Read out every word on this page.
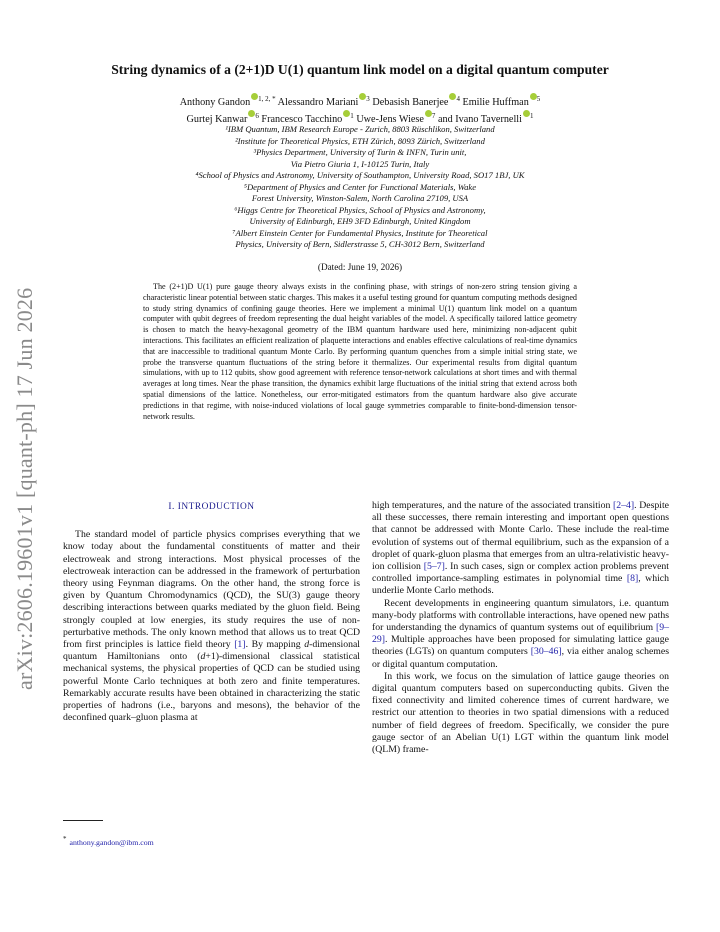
arXiv:2606.19601v1 [quant-ph] 17 Jun 2026
String dynamics of a (2+1)D U(1) quantum link model on a digital quantum computer
Anthony Gandon $^{1, 2, *}$ Alessandro Mariani $^3$ Debasish Banerjee $^4$ Emilie Huffman $^5$
Gurtej Kanwar $^6$ Francesco Tacchino $^1$ Uwe-Jens Wiese $^7$ and Ivano Tavernelli $^1$
¹IBM Quantum, IBM Research Europe - Zurich, 8803 Rüschlikon, Switzerland
²Institute for Theoretical Physics, ETH Zürich, 8093 Zürich, Switzerland
³Physics Department, University of Turin & INFN, Turin unit,
Via Pietro Giuria 1, I-10125 Turin, Italy
⁴School of Physics and Astronomy, University of Southampton, University Road, SO17 1BJ, UK
⁵Department of Physics and Center for Functional Materials, Wake
Forest University, Winston-Salem, North Carolina 27109, USA
⁶Higgs Centre for Theoretical Physics, School of Physics and Astronomy,
University of Edinburgh, EH9 3FD Edinburgh, United Kingdom
⁷Albert Einstein Center for Fundamental Physics, Institute for Theoretical
Physics, University of Bern, Sidlerstrasse 5, CH-3012 Bern, Switzerland
(Dated: June 19, 2026)

The (2+1)D U(1) pure gauge theory always exists in the confining phase, with strings of non-zero string tension giving a characteristic linear potential between static charges. This makes it a useful testing ground for quantum computing methods designed to study string dynamics of confining gauge theories. Here we implement a minimal U(1) quantum link model on a quantum computer with qubit degrees of freedom representing the dual height variables of the model. A specifically tailored lattice geometry is chosen to match the heavy-hexagonal geometry of the IBM quantum hardware used here, minimizing non-adjacent qubit interactions. This facilitates an efficient realization of plaquette interactions and enables effective calculations of real-time dynamics that are inaccessible to traditional quantum Monte Carlo. By performing quantum quenches from a simple initial string state, we probe the transverse quantum fluctuations of the string before it thermalizes. Our experimental results from digital quantum simulations, with up to 112 qubits, show good agreement with reference tensor-network calculations at short times and with thermal averages at long times. Near the phase transition, the dynamics exhibit large fluctuations of the initial string that extend across both spatial dimensions of the lattice. Nonetheless, our error-mitigated estimators from the quantum hardware also give accurate predictions in that regime, with noise-induced violations of local gauge symmetries comparable to finite-bond-dimension tensor-network results.

I. INTRODUCTION

The standard model of particle physics comprises everything that we know today about the fundamental constituents of matter and their electroweak and strong interactions. Most physical processes of the electroweak interaction can be addressed in the framework of perturbation theory using Feynman diagrams. On the other hand, the strong force is given by Quantum Chromodynamics (QCD), the SU(3) gauge theory describing interactions between quarks mediated by the gluon field. Being strongly coupled at low energies, its study requires the use of non-perturbative methods. The only known method that allows us to treat QCD from first principles is lattice field theory [1]. By mapping d-dimensional quantum Hamiltonians onto (d+1)-dimensional classical statistical mechanical systems, the physical properties of QCD can be studied using powerful Monte Carlo techniques at both zero and finite temperatures. Remarkably accurate results have been obtained in characterizing the static properties of hadrons (i.e., baryons and mesons), the behavior of the deconfined quark–gluon plasma at

high temperatures, and the nature of the associated transition [2–4]. Despite all these successes, there remain interesting and important open questions that cannot be addressed with Monte Carlo. These include the real-time evolution of systems out of thermal equilibrium, such as the expansion of a droplet of quark-gluon plasma that emerges from an ultra-relativistic heavy-ion collision [5–7]. In such cases, sign or complex action problems prevent controlled importance-sampling estimates in polynomial time [8], which underlie Monte Carlo methods.

Recent developments in engineering quantum simulators, i.e. quantum many-body platforms with controllable interactions, have opened new paths for understanding the dynamics of quantum systems out of equilibrium [9–29]. Multiple approaches have been proposed for simulating lattice gauge theories (LGTs) on quantum computers [30–46], via either analog schemes or digital quantum computation.

In this work, we focus on the simulation of lattice gauge theories on digital quantum computers based on superconducting qubits. Given the fixed connectivity and limited coherence times of current hardware, we restrict our attention to theories in two spatial dimensions with a reduced number of field degrees of freedom. Specifically, we consider the pure gauge sector of an Abelian U(1) LGT within the quantum link model (QLM) frame-

* anthony.gandon@ibm.com
